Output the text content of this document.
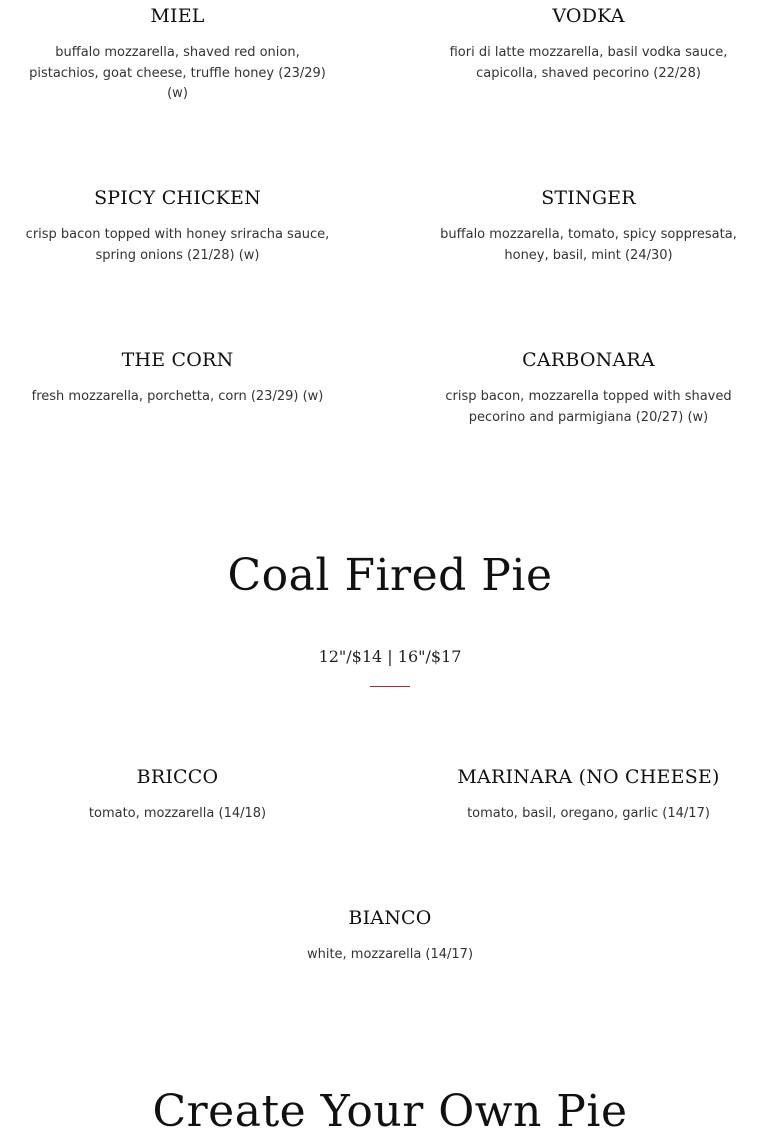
MIEL

buffalo mozzarella, shaved red onion, pistachios, goat cheese, truffle honey (23/29) (w)

VODKA

fiori di latte mozzarella, basil vodka sauce, capicolla, shaved pecorino (22/28)

SPICY CHICKEN

crisp bacon topped with honey sriracha sauce, spring onions (21/28) (w)

STINGER

buffalo mozzarella, tomato, spicy soppresata, honey, basil, mint (24/30)

THE CORN

fresh mozzarella, porchetta, corn (23/29) (w)

CARBONARA

crisp bacon, mozzarella topped with shaved pecorino and parmigiana (20/27) (w)

Coal Fired Pie

12"/$14 | 16"/$17

BRICCO

tomato, mozzarella (14/18)

MARINARA (NO CHEESE)

tomato, basil, oregano, garlic (14/17)

BIANCO

white, mozzarella (14/17)

Create Your Own Pie
